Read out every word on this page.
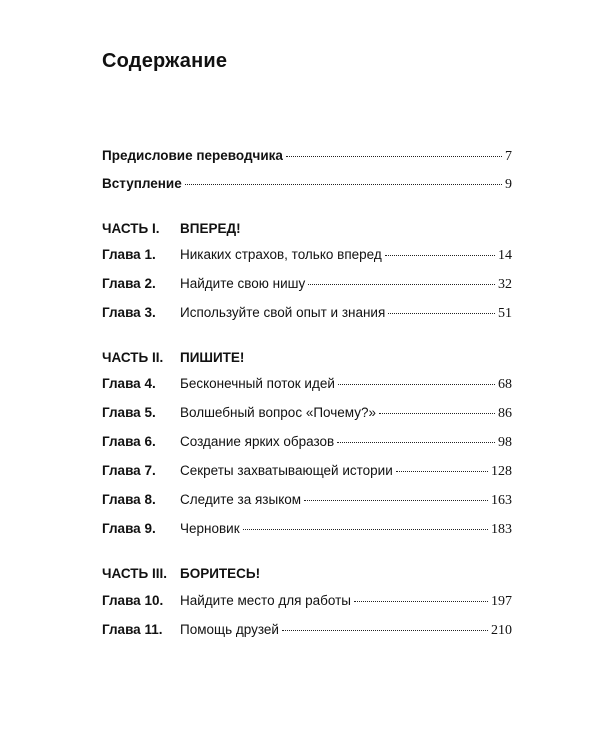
Содержание
Предисловие переводчика	7
Вступление	9
ЧАСТЬ I.	ВПЕРЕД!
Глава 1.	Никаких страхов, только вперед	14
Глава 2.	Найдите свою нишу	32
Глава 3.	Используйте свой опыт и знания	51
ЧАСТЬ II.	ПИШИТЕ!
Глава 4.	Бесконечный поток идей	68
Глава 5.	Волшебный вопрос «Почему?»	86
Глава 6.	Создание ярких образов	98
Глава 7.	Секреты захватывающей истории	128
Глава 8.	Следите за языком	163
Глава 9.	Черновик	183
ЧАСТЬ III. БОРИТЕСЬ!
Глава 10.	Найдите место для работы	197
Глава 11.	Помощь друзей	210
